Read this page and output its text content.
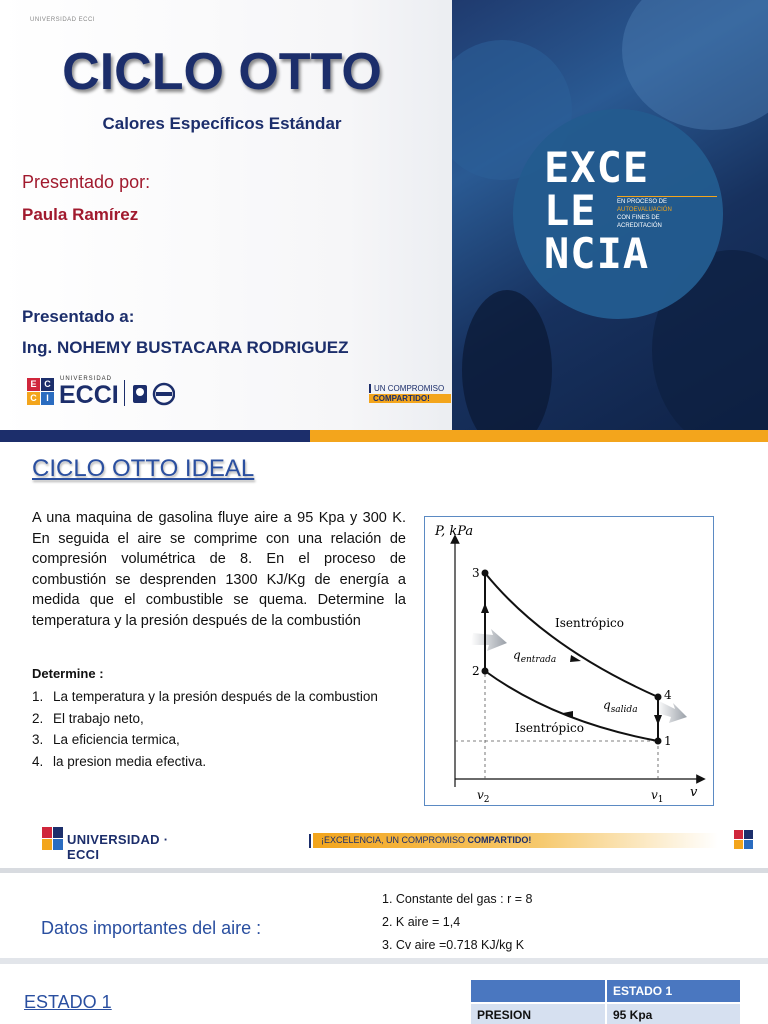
UNIVERSIDAD ECCI
CICLO OTTO
Calores Específicos Estándar
Presentado por:
Paula Ramírez
Presentado a:
Ing. NOHEMY BUSTACARA RODRIGUEZ
E C
C	I
UNIVERSIDAD
ECCI	UN COMPROMISO
COMPARTIDO!
EXCE
LE
NCIA
EN PROCESO DE
AUTOEVALUACIÓN
CON FINES DE
ACREDITACIÓN
CICLO OTTO IDEAL
A una maquina de gasolina fluye aire a 95 Kpa y 300 K. En seguida el aire se comprime con una relación de compresión volumétrica de 8. En el proceso de combustión se desprenden 1300 KJ/Kg de energía a medida que el combustible se quema. Determine la temperatura y la presión después de la combustión
Determine :
1. La temperatura y la presión después de la combustion
2. El trabajo neto,
3. La eficiencia termica,
4. la presion media efectiva.
P, kPa
v
3
2
4
1
Isentrópico
Isentrópico
$q_{entrada}$
$q_{salida}$
$v_2$	$v_1$
UNIVERSIDAD · ECCI
¡EXCELENCIA, UN COMPROMISO COMPARTIDO!
Datos importantes del aire :
1. Constante del gas : r = 8
2. K aire = 1,4
3. Cv aire =0.718 KJ/kg K
ESTADO 1
	ESTADO 1
PRESION	95 Kpa
